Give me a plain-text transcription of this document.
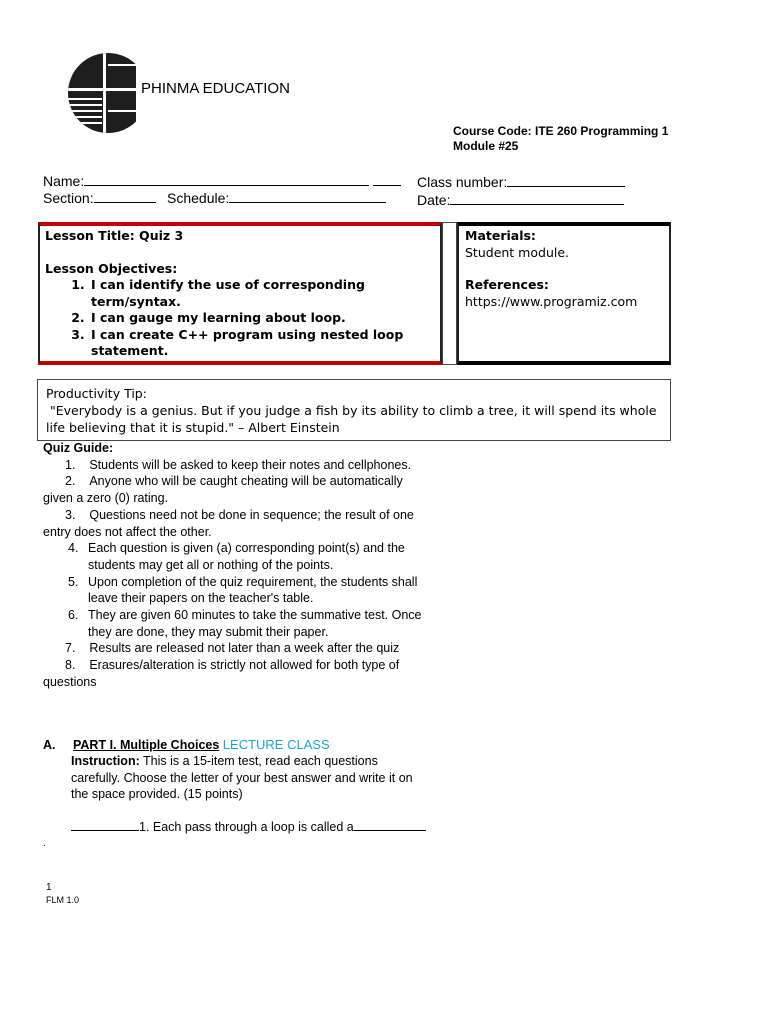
PHINMA EDUCATION
Course Code: ITE 260 Programming 1
Module #25
Name:	Class number:
Section:	Schedule:	Date:
Lesson Title: Quiz 3
Lesson Objectives:
1. I can identify the use of corresponding term/syntax.
2. I can gauge my learning about loop.
3. I can create C++ program using nested loop statement.
Materials:
Student module.
References:
https://www.programiz.com
Productivity Tip:
"Everybody is a genius. But if you judge a fish by its ability to climb a tree, it will spend its whole life believing that it is stupid." – Albert Einstein
Quiz Guide:
1. Students will be asked to keep their notes and cellphones.
2. Anyone who will be caught cheating will be automatically given a zero (0) rating.
3. Questions need not be done in sequence; the result of one entry does not affect the other.
4. Each question is given (a) corresponding point(s) and the students may get all or nothing of the points.
5. Upon completion of the quiz requirement, the students shall leave their papers on the teacher's table.
6. They are given 60 minutes to take the summative test. Once they are done, they may submit their paper.
7. Results are released not later than a week after the quiz
8. Erasures/alteration is strictly not allowed for both type of questions
A. PART I. Multiple Choices LECTURE CLASS
Instruction: This is a 15-item test, read each questions carefully. Choose the letter of your best answer and write it on the space provided. (15 points)
1. Each pass through a loop is called a
.
1
FLM 1.0
